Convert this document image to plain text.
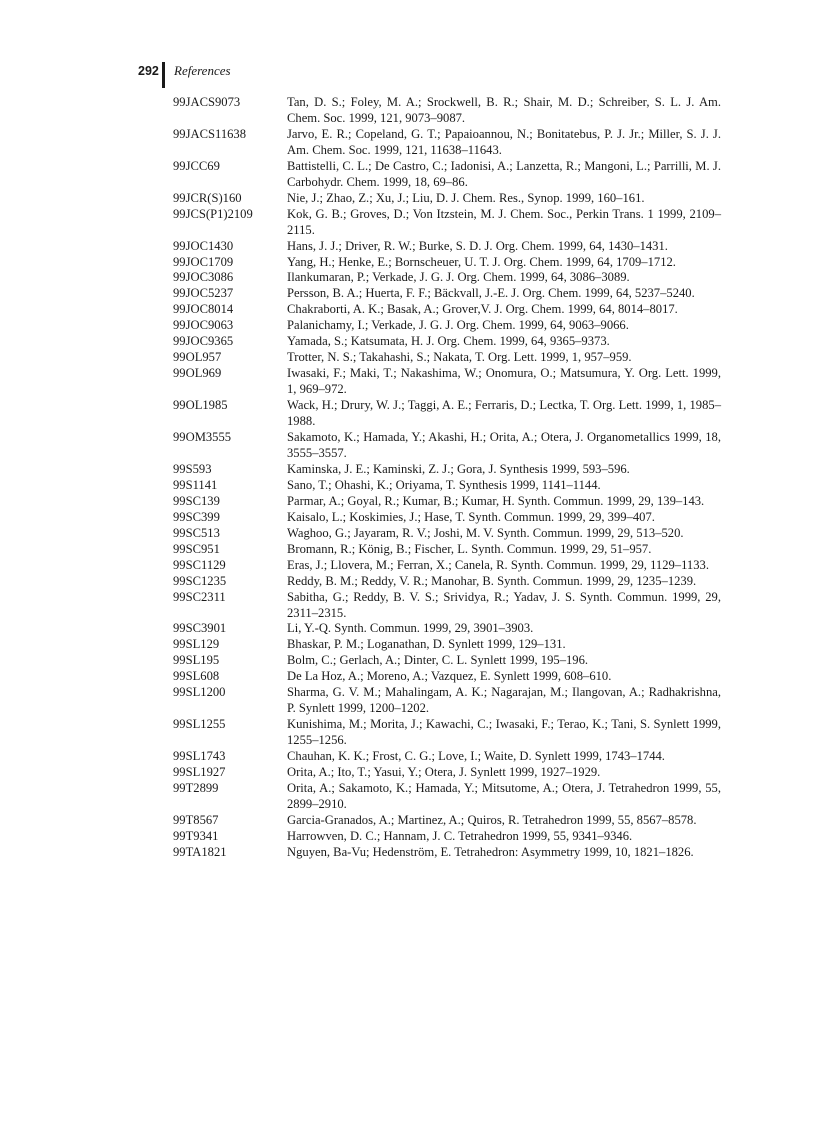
292 References
99JACS9073	Tan, D. S.; Foley, M. A.; Srockwell, B. R.; Shair, M. D.; Schreiber, S. L. J. Am. Chem. Soc. 1999, 121, 9073–9087.
99JACS11638	Jarvo, E. R.; Copeland, G. T.; Papaioannou, N.; Bonitatebus, P. J. Jr.; Miller, S. J. J. Am. Chem. Soc. 1999, 121, 11638–11643.
99JCC69	Battistelli, C. L.; De Castro, C.; Iadonisi, A.; Lanzetta, R.; Mangoni, L.; Parrilli, M. J. Carbohydr. Chem. 1999, 18, 69–86.
99JCR(S)160	Nie, J.; Zhao, Z.; Xu, J.; Liu, D. J. Chem. Res., Synop. 1999, 160–161.
99JCS(P1)2109	Kok, G. B.; Groves, D.; Von Itzstein, M. J. Chem. Soc., Perkin Trans. 1 1999, 2109–2115.
99JOC1430	Hans, J. J.; Driver, R. W.; Burke, S. D. J. Org. Chem. 1999, 64, 1430–1431.
99JOC1709	Yang, H.; Henke, E.; Bornscheuer, U. T. J. Org. Chem. 1999, 64, 1709–1712.
99JOC3086	Ilankumaran, P.; Verkade, J. G. J. Org. Chem. 1999, 64, 3086–3089.
99JOC5237	Persson, B. A.; Huerta, F. F.; Bäckvall, J.-E. J. Org. Chem. 1999, 64, 5237–5240.
99JOC8014	Chakraborti, A. K.; Basak, A.; Grover,V. J. Org. Chem. 1999, 64, 8014–8017.
99JOC9063	Palanichamy, I.; Verkade, J. G. J. Org. Chem. 1999, 64, 9063–9066.
99JOC9365	Yamada, S.; Katsumata, H. J. Org. Chem. 1999, 64, 9365–9373.
99OL957	Trotter, N. S.; Takahashi, S.; Nakata, T. Org. Lett. 1999, 1, 957–959.
99OL969	Iwasaki, F.; Maki, T.; Nakashima, W.; Onomura, O.; Matsumura, Y. Org. Lett. 1999, 1, 969–972.
99OL1985	Wack, H.; Drury, W. J.; Taggi, A. E.; Ferraris, D.; Lectka, T. Org. Lett. 1999, 1, 1985–1988.
99OM3555	Sakamoto, K.; Hamada, Y.; Akashi, H.; Orita, A.; Otera, J. Organometallics 1999, 18, 3555–3557.
99S593	Kaminska, J. E.; Kaminski, Z. J.; Gora, J. Synthesis 1999, 593–596.
99S1141	Sano, T.; Ohashi, K.; Oriyama, T. Synthesis 1999, 1141–1144.
99SC139	Parmar, A.; Goyal, R.; Kumar, B.; Kumar, H. Synth. Commun. 1999, 29, 139–143.
99SC399	Kaisalo, L.; Koskimies, J.; Hase, T. Synth. Commun. 1999, 29, 399–407.
99SC513	Waghoo, G.; Jayaram, R. V.; Joshi, M. V. Synth. Commun. 1999, 29, 513–520.
99SC951	Bromann, R.; König, B.; Fischer, L. Synth. Commun. 1999, 29, 51–957.
99SC1129	Eras, J.; Llovera, M.; Ferran, X.; Canela, R. Synth. Commun. 1999, 29, 1129–1133.
99SC1235	Reddy, B. M.; Reddy, V. R.; Manohar, B. Synth. Commun. 1999, 29, 1235–1239.
99SC2311	Sabitha, G.; Reddy, B. V. S.; Srividya, R.; Yadav, J. S. Synth. Commun. 1999, 29, 2311–2315.
99SC3901	Li, Y.-Q. Synth. Commun. 1999, 29, 3901–3903.
99SL129	Bhaskar, P. M.; Loganathan, D. Synlett 1999, 129–131.
99SL195	Bolm, C.; Gerlach, A.; Dinter, C. L. Synlett 1999, 195–196.
99SL608	De La Hoz, A.; Moreno, A.; Vazquez, E. Synlett 1999, 608–610.
99SL1200	Sharma, G. V. M.; Mahalingam, A. K.; Nagarajan, M.; Ilangovan, A.; Radhakrishna, P. Synlett 1999, 1200–1202.
99SL1255	Kunishima, M.; Morita, J.; Kawachi, C.; Iwasaki, F.; Terao, K.; Tani, S. Synlett 1999, 1255–1256.
99SL1743	Chauhan, K. K.; Frost, C. G.; Love, I.; Waite, D. Synlett 1999, 1743–1744.
99SL1927	Orita, A.; Ito, T.; Yasui, Y.; Otera, J. Synlett 1999, 1927–1929.
99T2899	Orita, A.; Sakamoto, K.; Hamada, Y.; Mitsutome, A.; Otera, J. Tetrahedron 1999, 55, 2899–2910.
99T8567	Garcia-Granados, A.; Martinez, A.; Quiros, R. Tetrahedron 1999, 55, 8567–8578.
99T9341	Harrowven, D. C.; Hannam, J. C. Tetrahedron 1999, 55, 9341–9346.
99TA1821	Nguyen, Ba-Vu; Hedenström, E. Tetrahedron: Asymmetry 1999, 10, 1821–1826.
